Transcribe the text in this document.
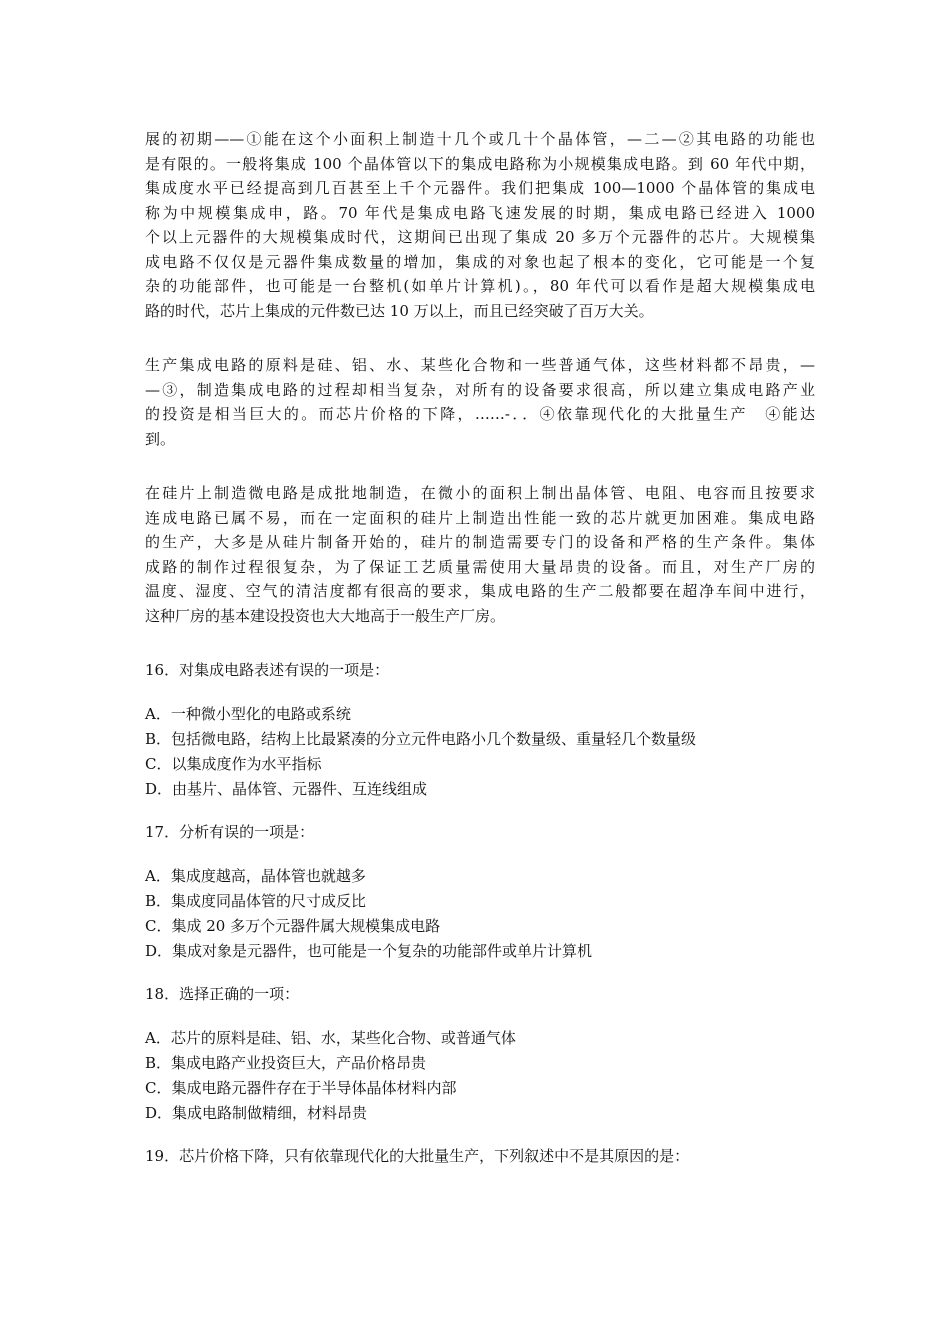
展的初期——①能在这个小面积上制造十几个或几十个晶体管，—二—②其电路的功能也
是有限的。一般将集成 100 个晶体管以下的集成电路称为小规模集成电路。到 60 年代中期，
集成度水平已经提高到几百甚至上千个元器件。我们把集成 100—1000 个晶体管的集成电
称为中规模集成申，路。70 年代是集成电路飞速发展的时期，集成电路已经进入 1000
个以上元器件的大规模集成时代，这期间已出现了集成 20 多万个元器件的芯片。大规模集
成电路不仅仅是元器件集成数量的增加，集成的对象也起了根本的变化，它可能是一个复
杂的功能部件，也可能是一台整机(如单片计算机)。，80 年代可以看作是超大规模集成电
路的时代，芯片上集成的元件数已达 10 万以上，而且已经突破了百万大关。
生产集成电路的原料是硅、铝、水、某些化合物和一些普通气体，这些材料都不昂贵，—
—③，制造集成电路的过程却相当复杂，对所有的设备要求很高，所以建立集成电路产业
的投资是相当巨大的。而芯片价格的下降，……-．．④依靠现代化的大批量生产　④能达
到。
在硅片上制造微电路是成批地制造，在微小的面积上制出晶体管、电阻、电容而且按要求
连成电路已属不易，而在一定面积的硅片上制造出性能一致的芯片就更加困难。集成电路
的生产，大多是从硅片制备开始的，硅片的制造需要专门的设备和严格的生产条件。集体
成路的制作过程很复杂，为了保证工艺质量需使用大量昂贵的设备。而且，对生产厂房的
温度、湿度、空气的清洁度都有很高的要求，集成电路的生产二般都要在超净车间中进行，
这种厂房的基本建设投资也大大地高于一般生产厂房。
16．对集成电路表述有误的一项是：
A．一种微小型化的电路或系统
B．包括微电路，结构上比最紧凑的分立元件电路小几个数量级、重量轻几个数量级
C．以集成度作为水平指标
D．由基片、晶体管、元器件、互连线组成
17．分析有误的一项是：
A．集成度越高，晶体管也就越多
B．集成度同晶体管的尺寸成反比
C．集成 20 多万个元器件属大规模集成电路
D．集成对象是元器件，也可能是一个复杂的功能部件或单片计算机
18．选择正确的一项：
A．芯片的原料是硅、铝、水，某些化合物、或普通气体
B．集成电路产业投资巨大，产品价格昂贵
C．集成电路元器件存在于半导体晶体材料内部
D．集成电路制做精细，材料昂贵
19．芯片价格下降，只有依靠现代化的大批量生产，下列叙述中不是其原因的是：
